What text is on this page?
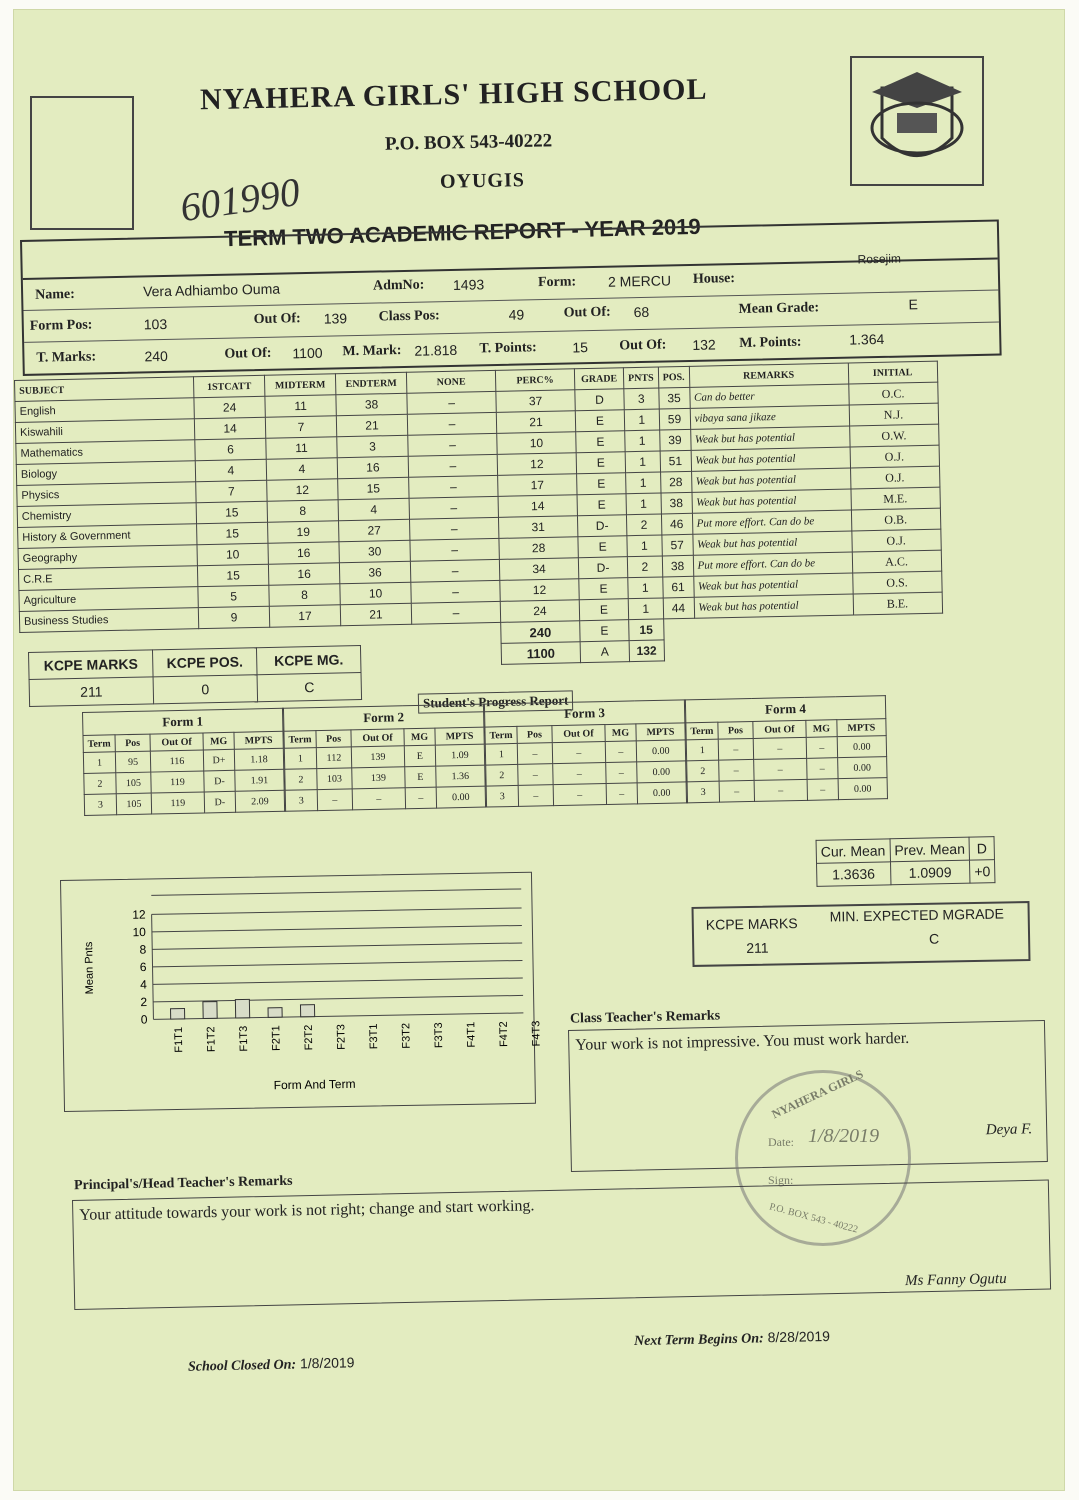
NYAHERA GIRLS' HIGH SCHOOL
P.O. BOX 543-40222
OYUGIS
601990
TERM TWO ACADEMIC REPORT - YEAR 2019
Name:	Vera Adhiambo Ouma	AdmNo: 1493	Form: 2 MERCU House:
Rosejim
Form Pos:	103	Out Of: 139 Class Pos:	49	Out Of: 68	Mean Grade:	E
T. Marks:	240	Out Of: 1100 M. Mark: 21.818 T. Points:	15 Out Of: 132 M. Points:	1.364
SUBJECT	1STCATT	MIDTERM	ENDTERM	NONE	PERC%	GRADE	PNTS	POS.	REMARKS	INITIAL
English	24	11	38	–	37	D	3	35	Can do better	O.C.
Kiswahili	14	7	21	–	21	E	1	59	vibaya sana jikaze	N.J.
Mathematics	6	11	3	–	10	E	1	39	Weak but has potential	O.W.
Biology	4	4	16	–	12	E	1	51	Weak but has potential	O.J.
Physics	7	12	15	–	17	E	1	28	Weak but has potential	O.J.
Chemistry	15	8	4	–	14	E	1	38	Weak but has potential	M.E.
History & Government	15	19	27	–	31	D-	2	46	Put more effort. Can do be	O.B.
Geography	10	16	30	–	28	E	1	57	Weak but has potential	O.J.
C.R.E	15	16	36	–	34	D-	2	38	Put more effort. Can do be	A.C.
Agriculture	5	8	10	–	12	E	1	61	Weak but has potential	O.S.
Business Studies	9	17	21	–	24	E	1	44	Weak but has potential	B.E.
					240	E	15			
					1100	A	132			
KCPE MARKS	KCPE POS.	KCPE MG.
211	0	C
Student's Progress Report
Form 1				
Term	Pos	Out Of	MG	MPTS
1	95	116	D+	1.18
2	105	119	D-	1.91
3	105	119	D-	2.09
Form 2				
Term	Pos	Out Of	MG	MPTS
1	112	139	E	1.09
2	103	139	E	1.36
3	–	–	–	0.00
Form 3				
Term	Pos	Out Of	MG	MPTS
1	–	–	–	0.00
2	–	–	–	0.00
3	–	–	–	0.00
Form 4				
Term	Pos	Out Of	MG	MPTS
1	–	–	–	0.00
2	–	–	–	0.00
3	–	–	–	0.00
Cur. Mean	Prev. Mean	D
1.3636	1.0909	+0
KCPE MARKS MIN. EXPECTED MGRADE
211
C
0
2
4
6
8
10
12
Mean Pnts
F1T1 F1T2 F1T3 F2T1 F2T2 F2T3 F3T1 F3T2 F3T3 F4T1 F4T2 F4T3
Form And Term
Class Teacher's Remarks
Your work is not impressive. You must work harder.
Deya F.
NYAHERA GIRLS
Date: 1/8/2019
Sign:
P.O. BOX 543 - 40222
Principal's/Head Teacher's Remarks
Your attitude towards your work is not right; change and start working.
Ms Fanny Ogutu
Next Term Begins On: 8/28/2019
School Closed On: 1/8/2019
